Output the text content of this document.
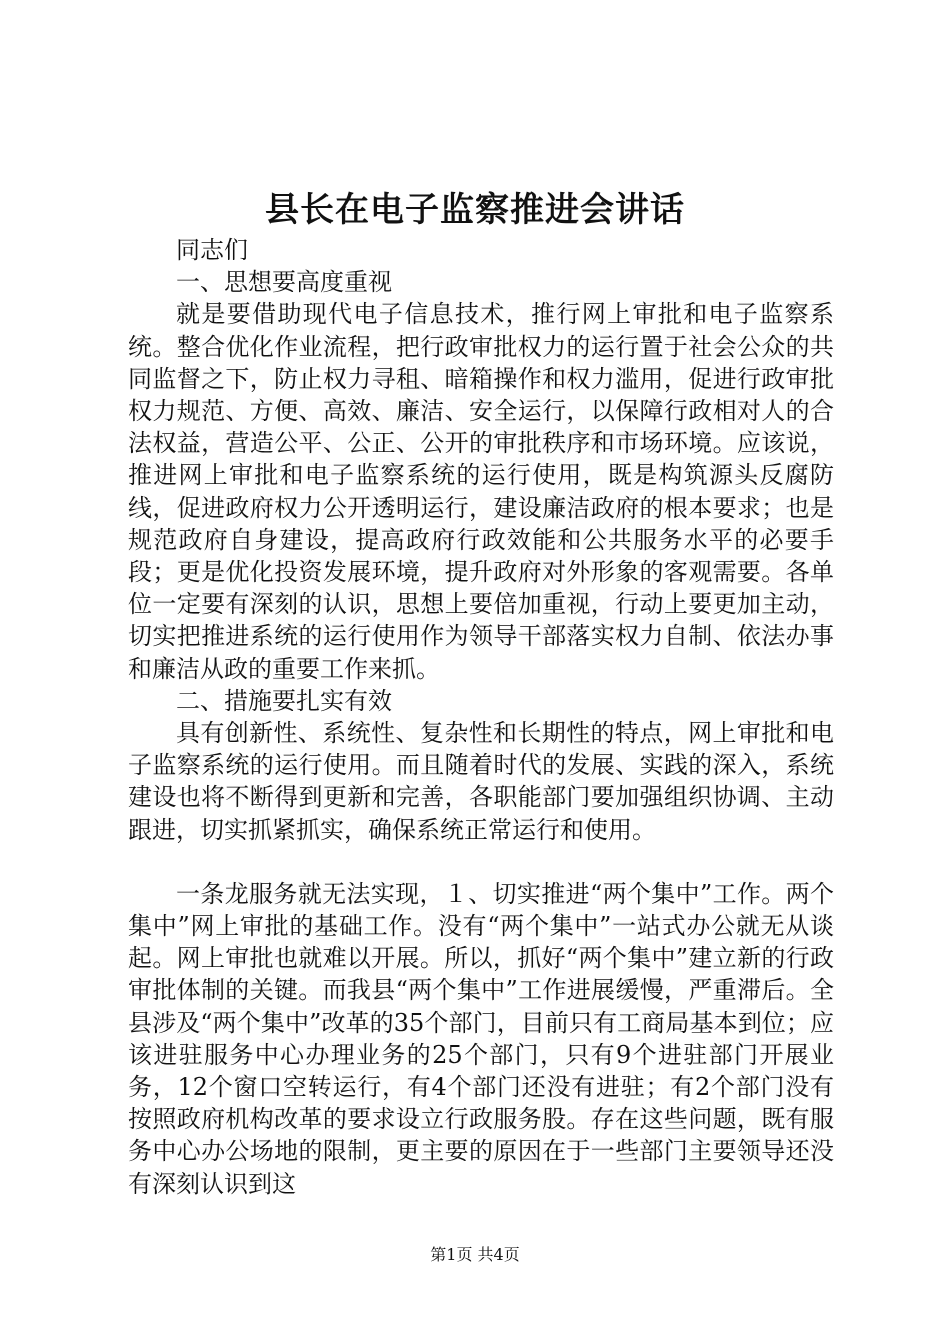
县长在电子监察推进会讲话

同志们

一、思想要高度重视

就是要借助现代电子信息技术，推行网上审批和电子监察系统。整合优化作业流程，把行政审批权力的运行置于社会公众的共同监督之下，防止权力寻租、暗箱操作和权力滥用，促进行政审批权力规范、方便、高效、廉洁、安全运行，以保障行政相对人的合法权益，营造公平、公正、公开的审批秩序和市场环境。应该说，推进网上审批和电子监察系统的运行使用，既是构筑源头反腐防线，促进政府权力公开透明运行，建设廉洁政府的根本要求；也是规范政府自身建设，提高政府行政效能和公共服务水平的必要手段；更是优化投资发展环境，提升政府对外形象的客观需要。各单位一定要有深刻的认识，思想上要倍加重视，行动上要更加主动，切实把推进系统的运行使用作为领导干部落实权力自制、依法办事和廉洁从政的重要工作来抓。

二、措施要扎实有效

具有创新性、系统性、复杂性和长期性的特点，网上审批和电子监察系统的运行使用。而且随着时代的发展、实践的深入，系统建设也将不断得到更新和完善，各职能部门要加强组织协调、主动跟进，切实抓紧抓实，确保系统正常运行和使用。

一条龙服务就无法实现，１、切实推进“两个集中”工作。两个集中”网上审批的基础工作。没有“两个集中”一站式办公就无从谈起。网上审批也就难以开展。所以，抓好“两个集中”建立新的行政审批体制的关键。而我县“两个集中”工作进展缓慢，严重滞后。全县涉及“两个集中”改革的35个部门，目前只有工商局基本到位；应该进驻服务中心办理业务的25个部门，只有9个进驻部门开展业务，12个窗口空转运行，有4个部门还没有进驻；有2个部门没有按照政府机构改革的要求设立行政服务股。存在这些问题，既有服务中心办公场地的限制，更主要的原因在于一些部门主要领导还没有深刻认识到这

第1页 共4页
